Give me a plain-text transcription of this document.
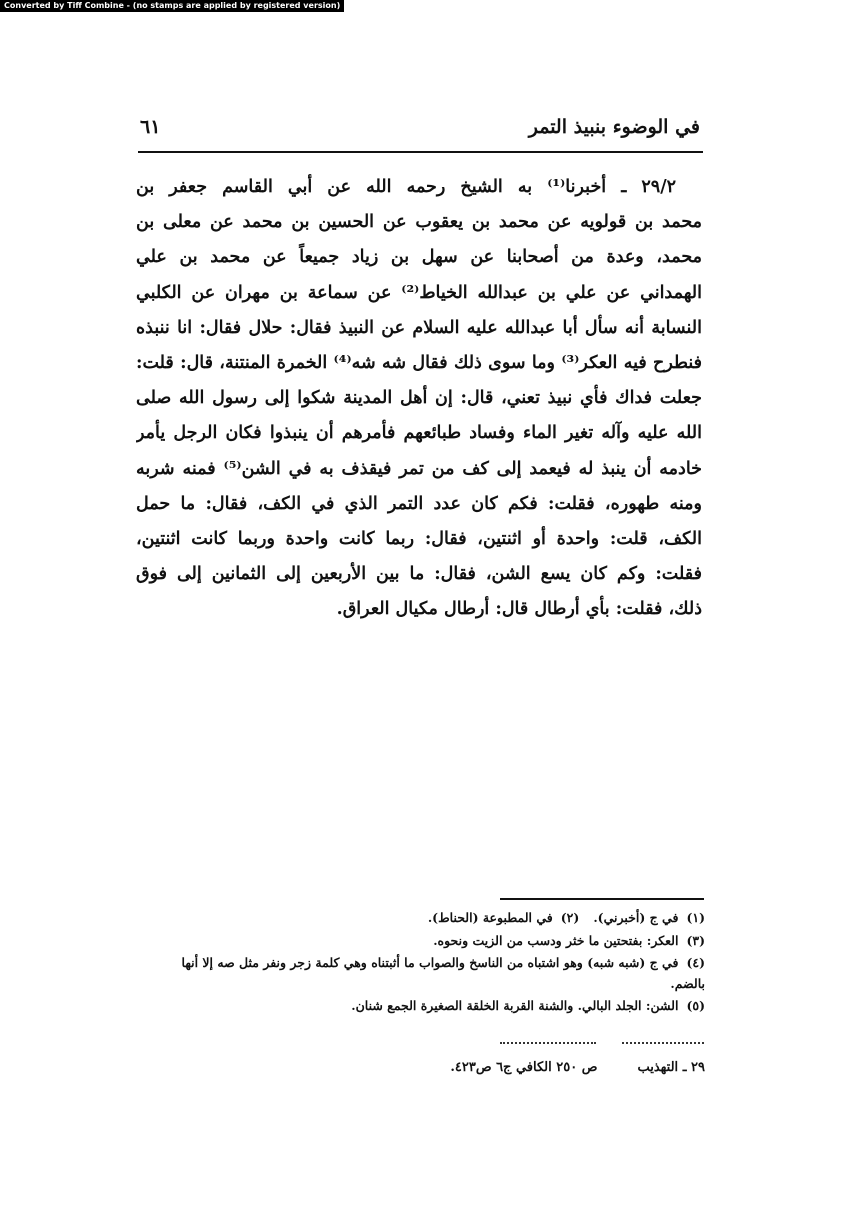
Converted by Tiff Combine - (no stamps are applied by registered version)
في الوضوء بنبيذ التمر
٦١
٢٩/٢ ـ أخبرنا⁽¹⁾ به الشيخ رحمه الله عن أبي القاسم جعفر بن
محمد بن قولويه عن محمد بن يعقوب عن الحسين بن محمد عن معلى بن
محمد، وعدة من أصحابنا عن سهل بن زياد جميعاً عن محمد بن علي
الهمداني عن علي بن عبدالله الخياط⁽²⁾ عن سماعة بن مهران عن الكلبي
النسابة أنه سأل أبا عبدالله عليه السلام عن النبيذ فقال: حلال فقال: انا ننبذه
فنطرح فيه العكر⁽³⁾ وما سوى ذلك فقال شه شه⁽⁴⁾ الخمرة المنتنة، قال: قلت:
جعلت فداك فأي نبيذ تعني، قال: إن أهل المدينة شكوا إلى رسول الله صلى
الله عليه وآله تغير الماء وفساد طبائعهم فأمرهم أن ينبذوا فكان الرجل يأمر
خادمه أن ينبذ له فيعمد إلى كف من تمر فيقذف به في الشن⁽⁵⁾ فمنه شربه
ومنه طهوره، فقلت: فكم كان عدد التمر الذي في الكف، فقال: ما حمل
الكف، قلت: واحدة أو اثنتين، فقال: ربما كانت واحدة وربما كانت اثنتين،
فقلت: وكم كان يسع الشن، فقال: ما بين الأربعين إلى الثمانين إلى فوق
ذلك، فقلت: بأي أرطال قال: أرطال مكيال العراق.
(١)في ج (أخبرني).(٢)في المطبوعة (الحناط).
(٣)العكر: بفتحتين ما خثر ودسب من الزيت ونحوه.
(٤)في ج (شبه شبه) وهو اشتباه من الناسخ والصواب ما أثبتناه وهي كلمة زجر ونفر مثل صه إلا أنها بالضم.
(٥)الشن: الجلد البالي. والشنة القربة الخلقة الصغيرة الجمع شنان.
٢٩ ـ التهذيبص ٢٥٠ الكافي ج٦ ص٤٢٣.
